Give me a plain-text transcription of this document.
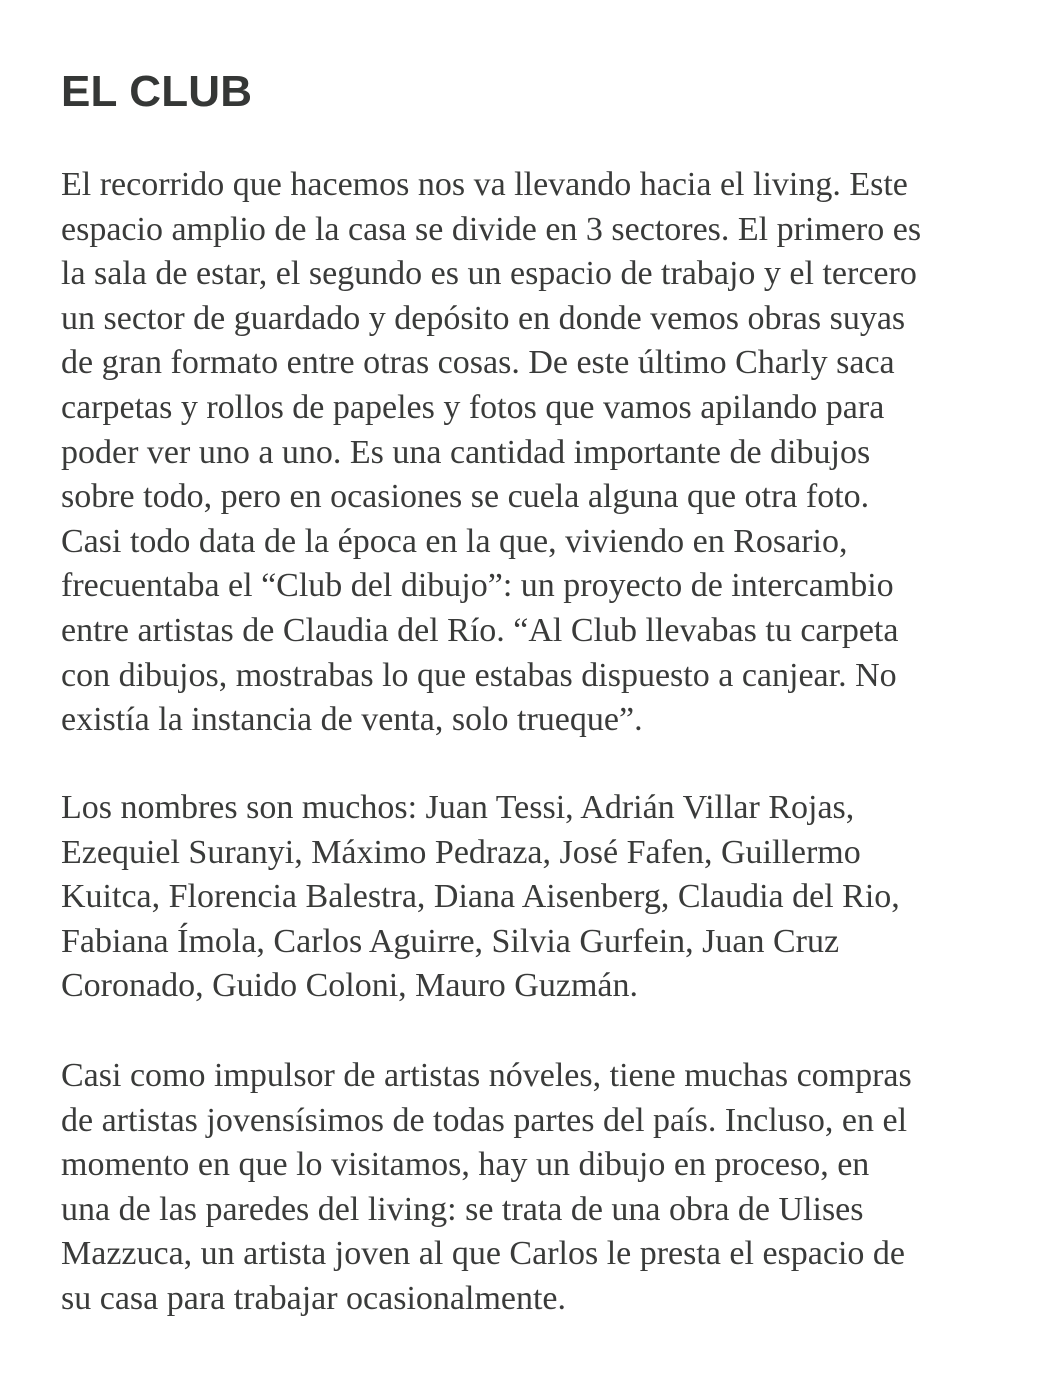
EL CLUB

El recorrido que hacemos nos va llevando hacia el living. Este
espacio amplio de la casa se divide en 3 sectores. El primero es
la sala de estar, el segundo es un espacio de trabajo y el tercero
un sector de guardado y depósito en donde vemos obras suyas
de gran formato entre otras cosas. De este último Charly saca
carpetas y rollos de papeles y fotos que vamos apilando para
poder ver uno a uno. Es una cantidad importante de dibujos
sobre todo, pero en ocasiones se cuela alguna que otra foto.
Casi todo data de la época en la que, viviendo en Rosario,
frecuentaba el “Club del dibujo”: un proyecto de intercambio
entre artistas de Claudia del Río. “Al Club llevabas tu carpeta
con dibujos, mostrabas lo que estabas dispuesto a canjear. No
existía la instancia de venta, solo trueque”.

Los nombres son muchos: Juan Tessi, Adrián Villar Rojas,
Ezequiel Suranyi, Máximo Pedraza, José Fafen, Guillermo
Kuitca, Florencia Balestra, Diana Aisenberg, Claudia del Rio,
Fabiana Ímola, Carlos Aguirre, Silvia Gurfein, Juan Cruz
Coronado, Guido Coloni, Mauro Guzmán.

Casi como impulsor de artistas nóveles, tiene muchas compras
de artistas jovensísimos de todas partes del país. Incluso, en el
momento en que lo visitamos, hay un dibujo en proceso, en
una de las paredes del living: se trata de una obra de Ulises
Mazzuca, un artista joven al que Carlos le presta el espacio de
su casa para trabajar ocasionalmente.
